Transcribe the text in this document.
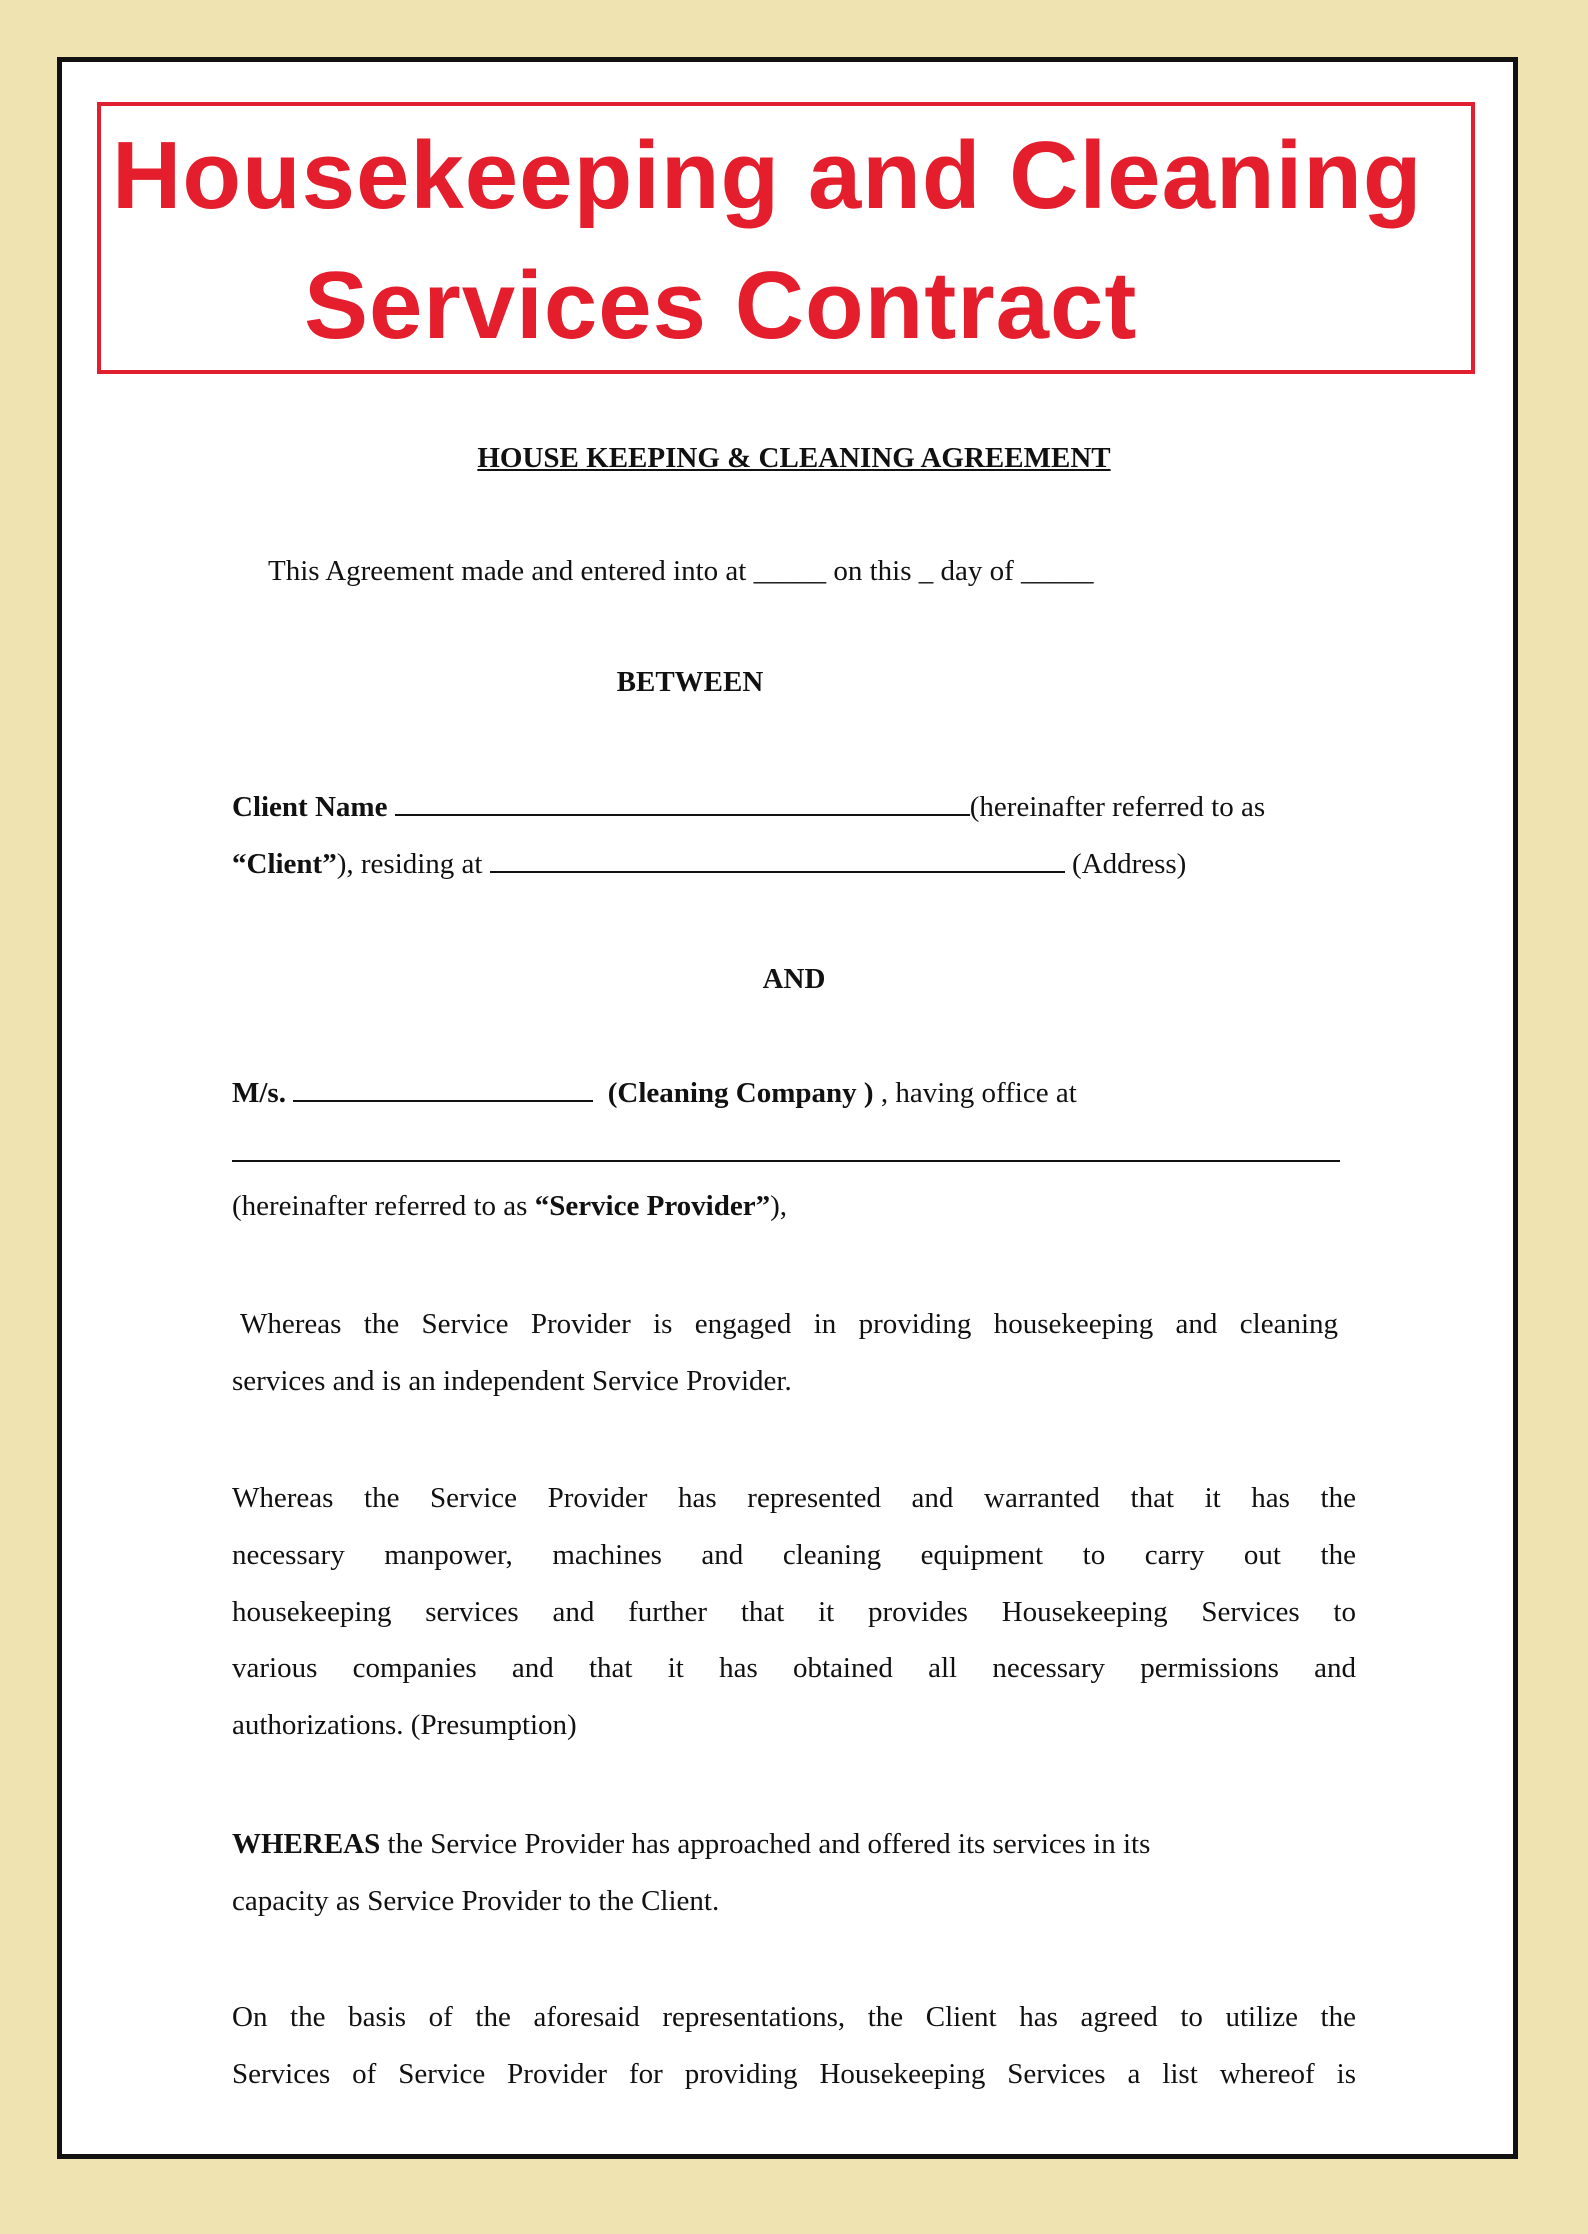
Housekeeping and Cleaning
Services Contract
HOUSE KEEPING & CLEANING AGREEMENT
This Agreement made and entered into at _____ on this _ day of _____
BETWEEN
Client Name	(hereinafter referred to as
“Client”), residing at	(Address)
AND
M/s.	(Cleaning Company ) , having office at
(hereinafter referred to as “Service Provider”),
Whereas the Service Provider is engaged in providing housekeeping and cleaning
services and is an independent Service Provider.
Whereas the Service Provider has represented and warranted that it has the
necessary manpower, machines and cleaning equipment to carry out the
housekeeping services and further that it provides Housekeeping Services to
various companies and that it has obtained all necessary permissions and
authorizations. (Presumption)
WHEREAS the Service Provider has approached and offered its services in its
capacity as Service Provider to the Client.
On the basis of the aforesaid representations, the Client has agreed to utilize the
Services of Service Provider for providing Housekeeping Services a list whereof is
